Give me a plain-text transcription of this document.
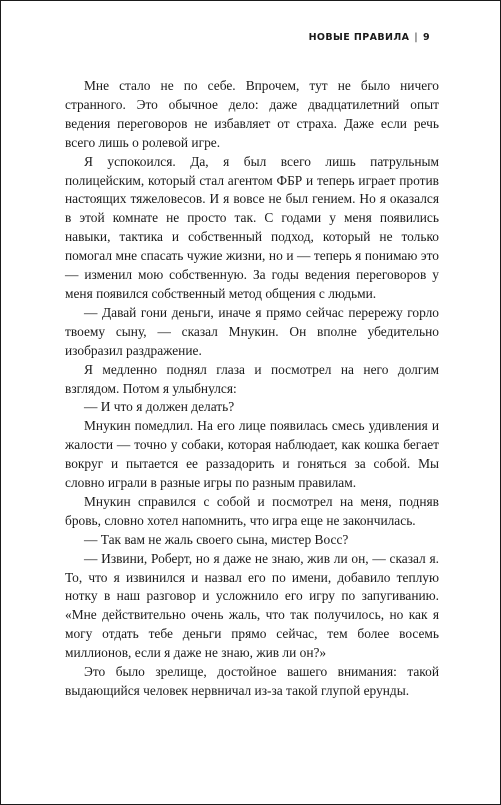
НОВЫЕ ПРАВИЛА | 9

Мне стало не по себе. Впрочем, тут не было ничего странного. Это обычное дело: даже двадцатилетний опыт ведения переговоров не избавляет от страха. Даже если речь всего лишь о ролевой игре.

Я успокоился. Да, я был всего лишь патрульным полицейским, который стал агентом ФБР и теперь играет против настоящих тяжеловесов. И я вовсе не был гением. Но я оказался в этой комнате не просто так. С годами у меня появились навыки, тактика и собственный подход, который не только помогал мне спасать чужие жизни, но и — теперь я понимаю это — изменил мою собственную. За годы ведения переговоров у меня появился собственный метод общения с людьми.

— Давай гони деньги, иначе я прямо сейчас перережу горло твоему сыну, — сказал Мнукин. Он вполне убедительно изобразил раздражение.

Я медленно поднял глаза и посмотрел на него долгим взглядом. Потом я улыбнулся:

— И что я должен делать?

Мнукин помедлил. На его лице появилась смесь удивления и жалости — точно у собаки, которая наблюдает, как кошка бегает вокруг и пытается ее раззадорить и гоняться за собой. Мы словно играли в разные игры по разным правилам.

Мнукин справился с собой и посмотрел на меня, подняв бровь, словно хотел напомнить, что игра еще не закончилась.

— Так вам не жаль своего сына, мистер Восс?

— Извини, Роберт, но я даже не знаю, жив ли он, — сказал я. То, что я извинился и назвал его по имени, добавило теплую нотку в наш разговор и усложнило его игру по запугиванию. «Мне действительно очень жаль, что так получилось, но как я могу отдать тебе деньги прямо сейчас, тем более восемь миллионов, если я даже не знаю, жив ли он?»

Это было зрелище, достойное вашего внимания: такой выдающийся человек нервничал из-за такой глупой ерунды.
